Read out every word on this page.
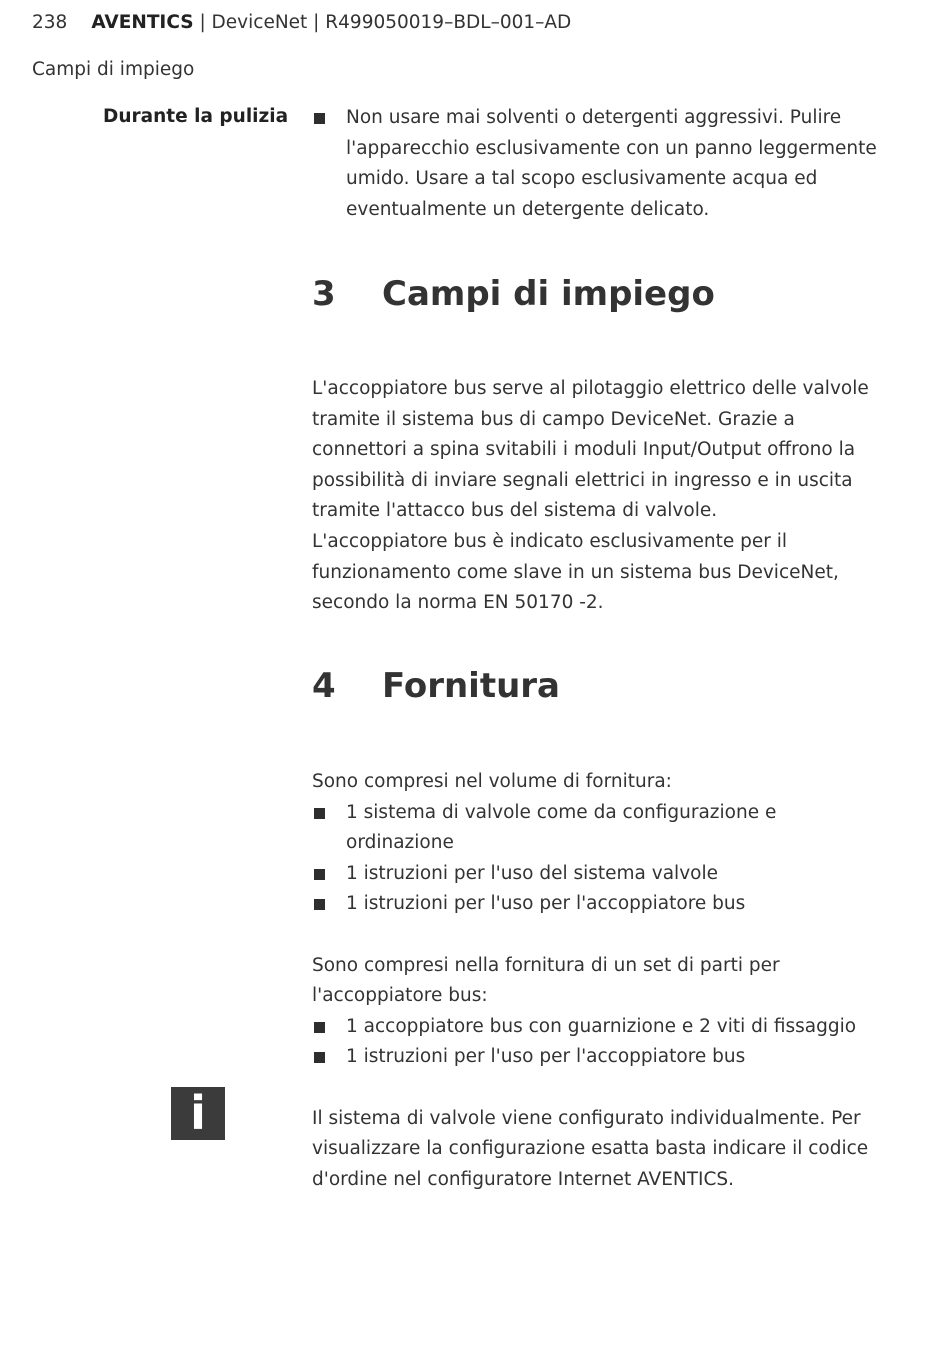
238 AVENTICS | DeviceNet | R499050019–BDL–001–AD
Campi di impiego
Durante la pulizia	Non usare mai solventi o detergenti aggressivi. Pulire l'apparecchio esclusivamente con un panno leggermente umido. Usare a tal scopo esclusivamente acqua ed eventualmente un detergente delicato.
3 Campi di impiego

L'accoppiatore bus serve al pilotaggio elettrico delle valvole tramite il sistema bus di campo DeviceNet. Grazie a connettori a spina svitabili i moduli Input/Output offrono la possibilità di inviare segnali elettrici in ingresso e in uscita tramite l'attacco bus del sistema di valvole.

L'accoppiatore bus è indicato esclusivamente per il funzionamento come slave in un sistema bus DeviceNet, secondo la norma EN 50170 -2.

4 Fornitura

Sono compresi nel volume di fornitura:

1 sistema di valvole come da configurazione e ordinazione
1 istruzioni per l'uso del sistema valvole
1 istruzioni per l'uso per l'accoppiatore bus

Sono compresi nella fornitura di un set di parti per l'accoppiatore bus:

1 accoppiatore bus con guarnizione e 2 viti di fissaggio
1 istruzioni per l'uso per l'accoppiatore bus

Il sistema di valvole viene configurato individualmente. Per visualizzare la configurazione esatta basta indicare il codice d'ordine nel configuratore Internet AVENTICS.

i
